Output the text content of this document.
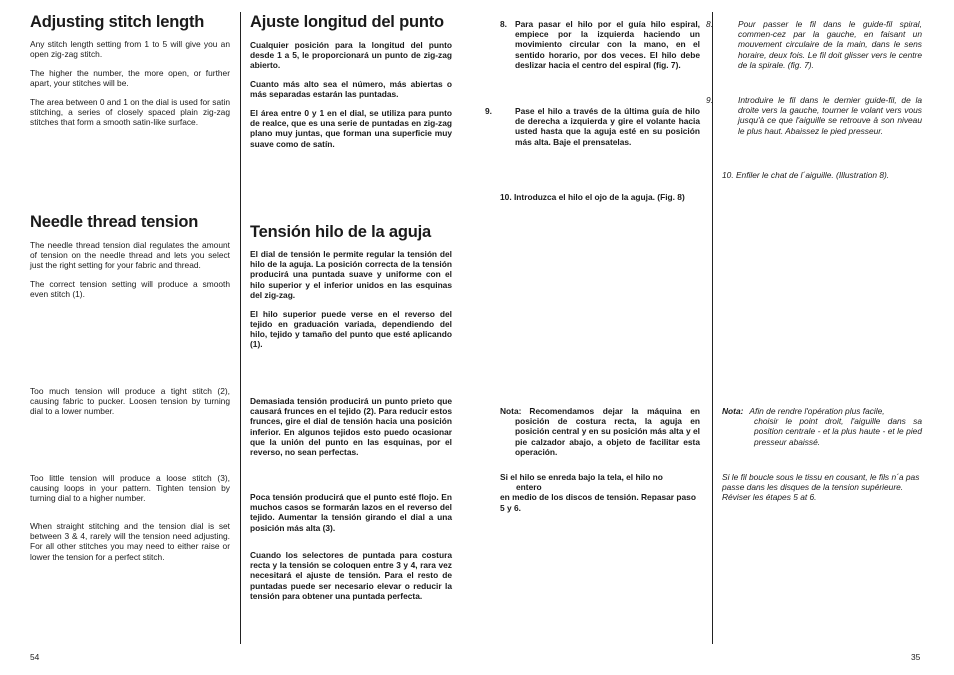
Adjusting stitch length

Any stitch length setting from 1 to 5 will give you an open zig-zag stitch.

The higher the number, the more open, or further apart, your stitches will be.

The area between 0 and 1 on the dial is used for satin stitching, a series of closely spaced plain zig-zag stitches that form a smooth satin-like surface.

Needle thread tension

The needle thread tension dial regulates the amount of tension on the needle thread and lets you select just the right setting for your fabric and thread.

The correct tension setting will produce a smooth even stitch (1).

Too much tension will produce a tight stitch (2), causing fabric to pucker. Loosen tension by turning dial to a lower number.

Too little tension will produce a loose stitch (3), causing loops in your pattern. Tighten tension by turning dial to a higher number.

When straight stitching and the tension dial is set between 3 & 4, rarely will the tension need adjusting. For all other stitches you may need to either raise or lower the tension for a perfect stitch.

54
Ajuste longitud del punto

Cualquier posición para la longitud del punto desde 1 a 5, le proporcionará un punto de zig-zag abierto.

Cuanto más alto sea el número, más abiertas o más separadas estarán las puntadas.

El área entre 0 y 1 en el dial, se utiliza para punto de realce, que es una serie de puntadas en zig-zag plano muy juntas, que forman una superficie muy suave como de satín.

Tensión hilo de la aguja

El dial de tensión le permite regular la tensión del hilo de la aguja. La posición correcta de la tensión producirá una puntada suave y uniforme con el hilo superior y el inferior unidos en las esquinas del zig-zag.

El hilo superior puede verse en el reverso del tejido en graduación variada, dependiendo del hilo, tejido y tamaño del punto que esté aplicando (1).

Demasiada tensión producirá un punto prieto que causará frunces en el tejido (2). Para reducir estos frunces, gire el dial de tensión hacia una posición inferior. En algunos tejidos esto puedo ocasionar que la unión del punto en las esquinas, por el reverso, no sean perfectas.

Poca tensión producirá que el punto esté flojo. En muchos casos se formarán lazos en el reverso del tejido. Aumentar la tensión girando el dial a una posición más alta (3).

Cuando los selectores de puntada para costura recta y la tensión se coloquen entre 3 y 4, rara vez necesitará el ajuste de tensión. Para el resto de puntadas puede ser necesario elevar o reducir la tensión para obtener una puntada perfecta.

8. Para pasar el hilo por el guía hilo espiral, empiece por la izquierda haciendo un movimiento circular con la mano, en el sentido horario, por dos veces. El hilo debe deslizar hacia el centro del espiral (fig. 7).

9.	Pase el hilo a través de la última guía de hilo de derecha a izquierda y gire el volante hacia usted hasta que la aguja esté en su posición más alta. Baje el prensatelas.

10. Introduzca el hilo el ojo de la aguja. (Fig. 8)

Nota: Recomendamos dejar la máquina en posición de costura recta, la aguja en posición central y en su posición más alta y el pie calzador abajo, a objeto de facilitar esta operación.

Si el hilo se enreda bajo la tela, el hilo no

entero

en medio de los discos de tensión. Repasar paso 5 y 6.

8.	Pour passer le fil dans le guide-fil spiral, commen-cez par la gauche, en faisant un mouvement circulaire de la main, dans le sens horaire, deux fois. Le fil doit glisser vers le centre de la spirale. (fig. 7).

9.	Introduire le fil dans le dernier guide-fil, de la droite vers la gauche, tourner le volant vers vous jusqu'à ce que l'aiguille se retrouve à son niveau le plus haut. Abaissez le pied presseur.

10. Enfiler le chat de l´aiguille. (Illustration 8).

Nota: Afin de rendre l'opération plus facile,

choisir le point droit, l'aiguille dans sa position centrale - et la plus haute - et le pied presseur abaissé.

Si le fil boucle sous le tissu en cousant, le fils n´a pas passe dans les disques de la tension supérieure. Réviser les étapes 5 at 6.

35
